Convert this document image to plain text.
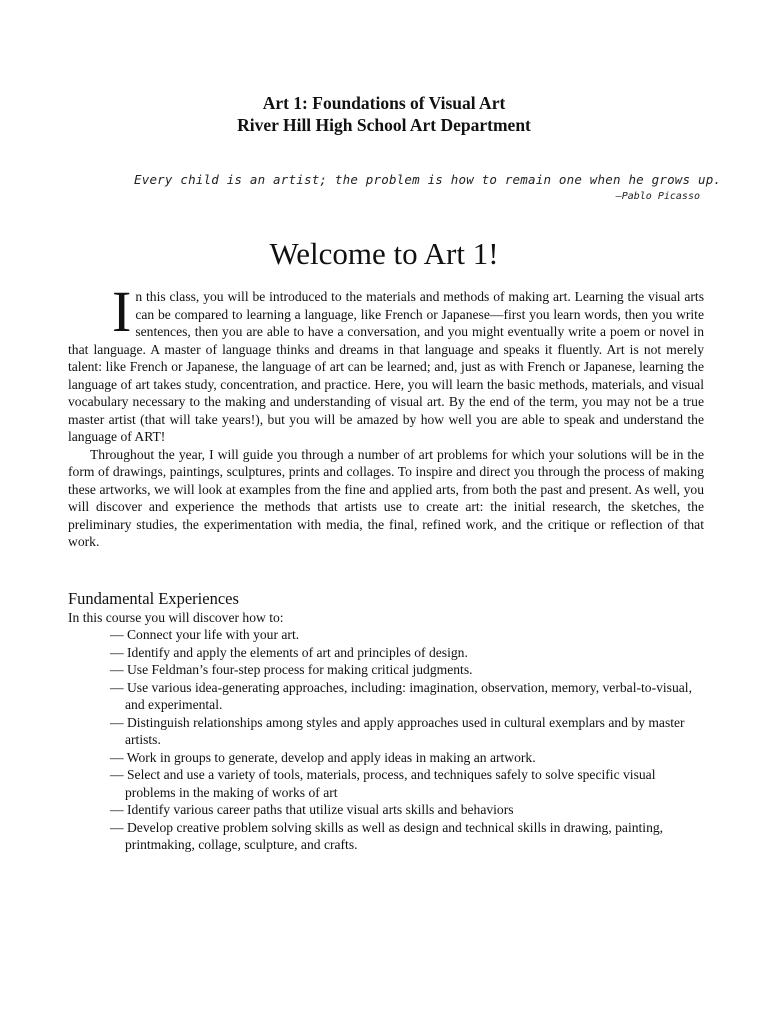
Art 1: Foundations of Visual Art
River Hill High School Art Department
Every child is an artist; the problem is how to remain one when he grows up.
—Pablo Picasso
Welcome to Art 1!

In this class, you will be introduced to the materials and methods of making art. Learning the visual arts can be compared to learning a language, like French or Japanese—first you learn words, then you write sentences, then you are able to have a conversation, and you might eventually write a poem or novel in that language. A master of language thinks and dreams in that language and speaks it fluently. Art is not merely talent: like French or Japanese, the language of art can be learned; and, just as with French or Japanese, learning the language of art takes study, concentration, and practice. Here, you will learn the basic methods, materials, and visual vocabulary necessary to the making and understanding of visual art. By the end of the term, you may not be a true master artist (that will take years!), but you will be amazed by how well you are able to speak and understand the language of ART!

Throughout the year, I will guide you through a number of art problems for which your solutions will be in the form of drawings, paintings, sculptures, prints and collages. To inspire and direct you through the process of making these artworks, we will look at examples from the fine and applied arts, from both the past and present. As well, you will discover and experience the methods that artists use to create art: the initial research, the sketches, the preliminary studies, the experimentation with media, the final, refined work, and the critique or reflection of that work.

Fundamental Experiences
In this course you will discover how to:
— Connect your life with your art.
— Identify and apply the elements of art and principles of design.
— Use Feldman’s four-step process for making critical judgments.
— Use various idea-generating approaches, including: imagination, observation, memory, verbal-to-visual, and experimental.
— Distinguish relationships among styles and apply approaches used in cultural exemplars and by master artists.
— Work in groups to generate, develop and apply ideas in making an artwork.
— Select and use a variety of tools, materials, process, and techniques safely to solve specific visual problems in the making of works of art
— Identify various career paths that utilize visual arts skills and behaviors
— Develop creative problem solving skills as well as design and technical skills in drawing, painting, printmaking, collage, sculpture, and crafts.
